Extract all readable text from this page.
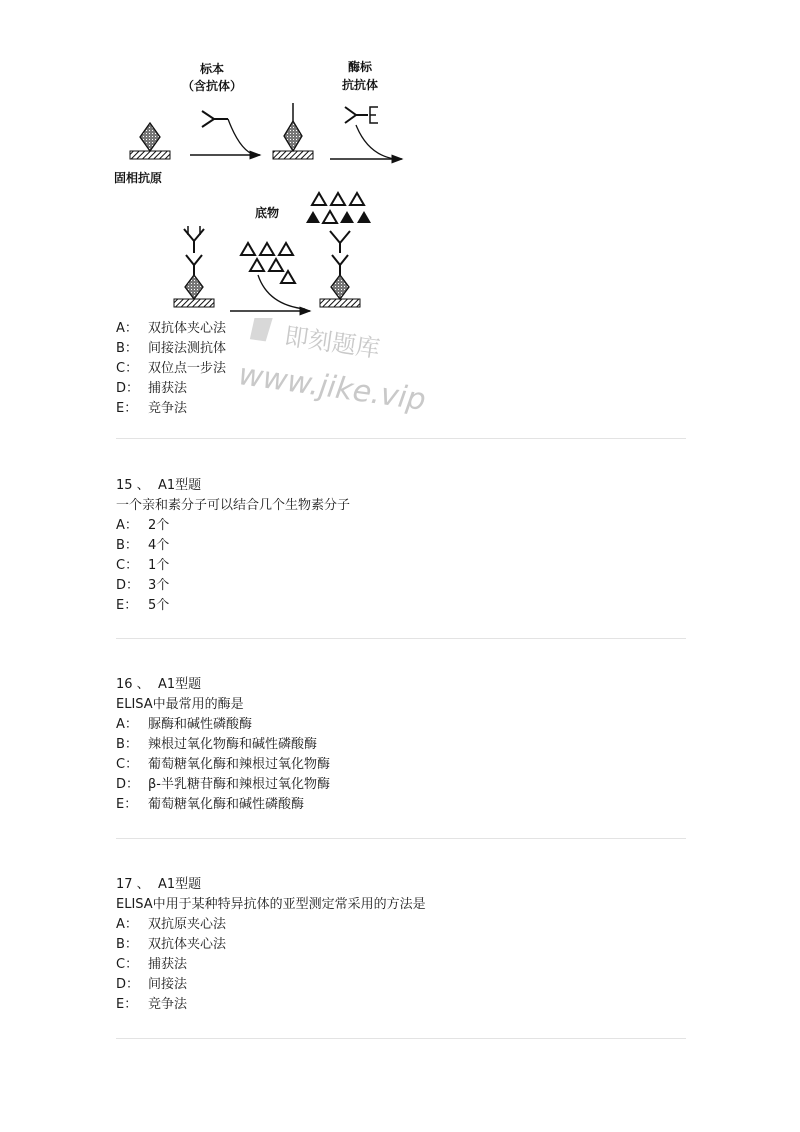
标本
（含抗体）
酶标
抗抗体
固相抗原
底物
即刻题库
www.jike.vip
A： 双抗体夹心法
B： 间接法测抗体
C： 双位点一步法
D： 捕获法
E： 竞争法
15 、 A1型题
一个亲和素分子可以结合几个生物素分子
A： 2个
B： 4个
C： 1个
D： 3个
E： 5个
16 、 A1型题
ELISA中最常用的酶是
A： 脲酶和碱性磷酸酶
B： 辣根过氧化物酶和碱性磷酸酶
C： 葡萄糖氧化酶和辣根过氧化物酶
D： β-半乳糖苷酶和辣根过氧化物酶
E： 葡萄糖氧化酶和碱性磷酸酶
17 、 A1型题
ELISA中用于某种特异抗体的亚型测定常采用的方法是
A： 双抗原夹心法
B： 双抗体夹心法
C： 捕获法
D： 间接法
E： 竞争法
